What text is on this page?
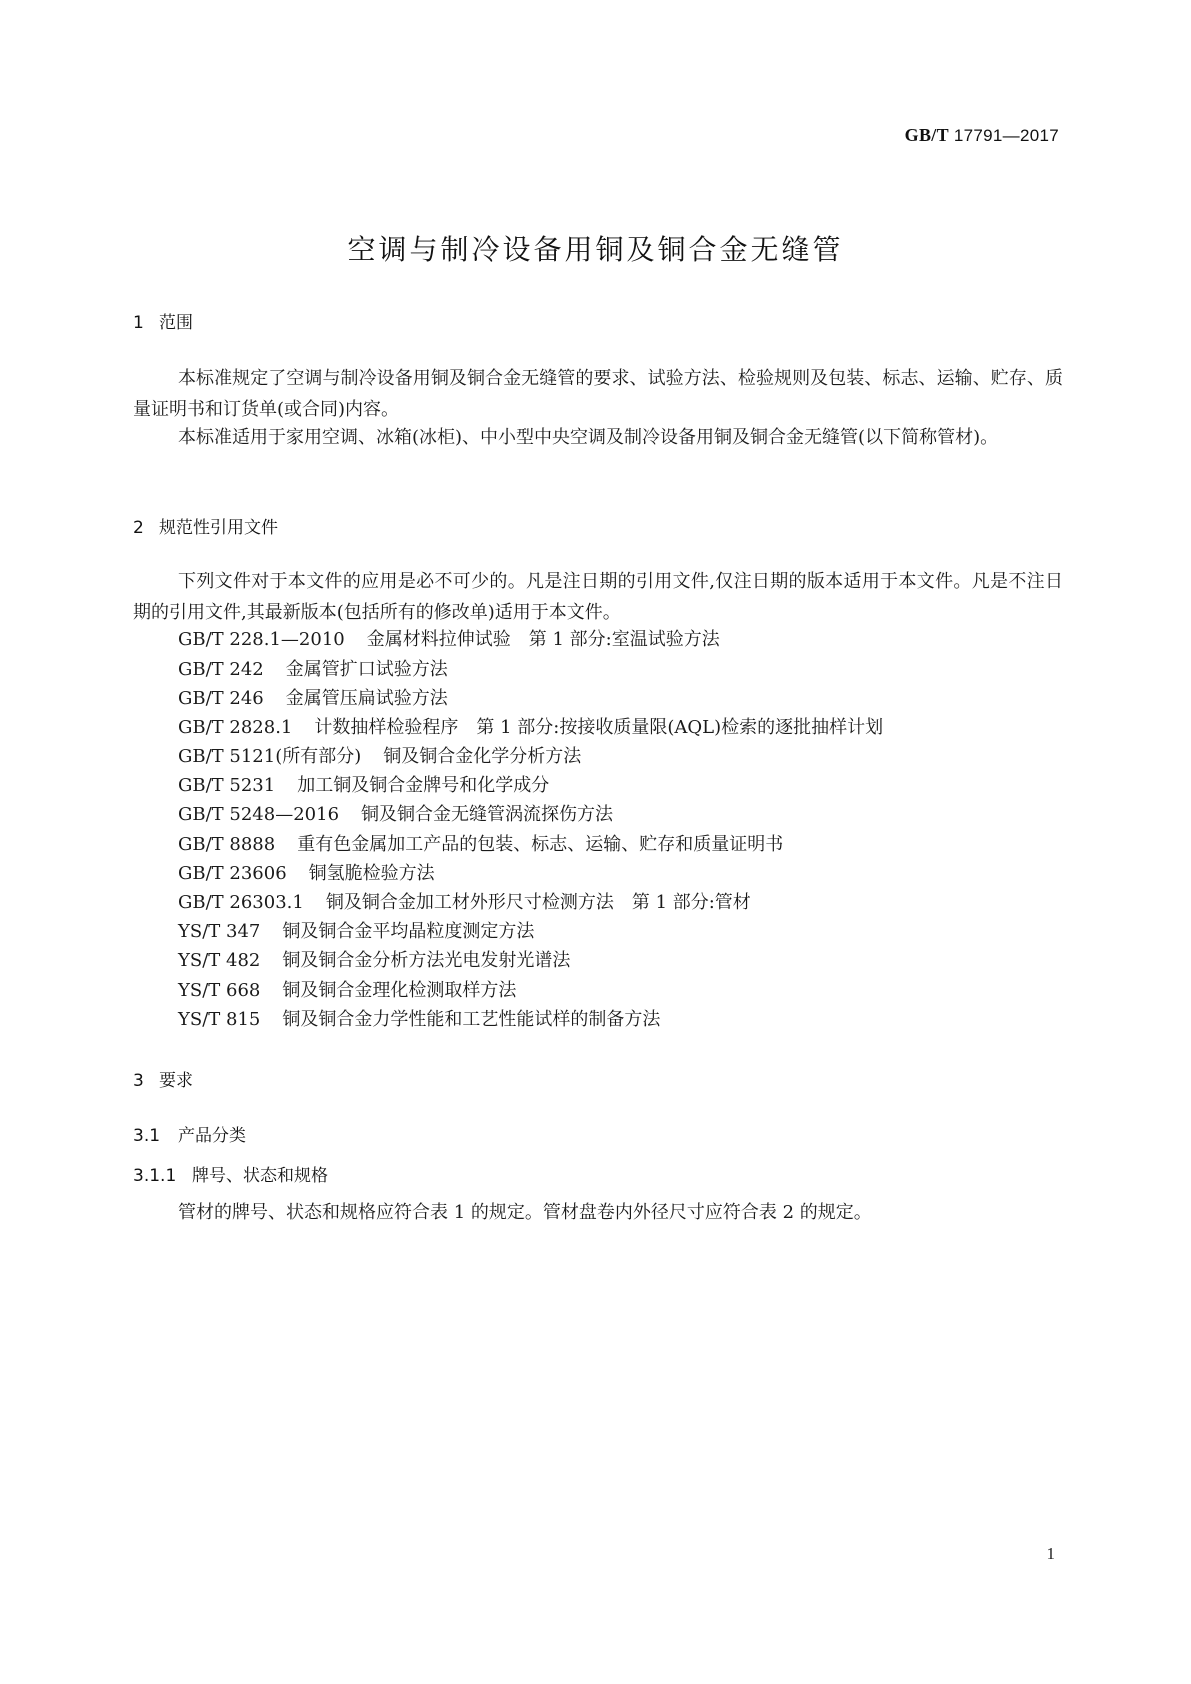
GB/T 17791—2017
空调与制冷设备用铜及铜合金无缝管
1 范围
本标准规定了空调与制冷设备用铜及铜合金无缝管的要求、试验方法、检验规则及包装、标志、运输、贮存、质量证明书和订货单(或合同)内容。
本标准适用于家用空调、冰箱(冰柜)、中小型中央空调及制冷设备用铜及铜合金无缝管(以下简称管材)。
2 规范性引用文件
下列文件对于本文件的应用是必不可少的。凡是注日期的引用文件,仅注日期的版本适用于本文件。凡是不注日期的引用文件,其最新版本(包括所有的修改单)适用于本文件。
GB/T 228.1—2010 金属材料拉伸试验　第 1 部分:室温试验方法
GB/T 242 金属管扩口试验方法
GB/T 246 金属管压扁试验方法
GB/T 2828.1 计数抽样检验程序　第 1 部分:按接收质量限(AQL)检索的逐批抽样计划
GB/T 5121(所有部分) 铜及铜合金化学分析方法
GB/T 5231 加工铜及铜合金牌号和化学成分
GB/T 5248—2016 铜及铜合金无缝管涡流探伤方法
GB/T 8888 重有色金属加工产品的包装、标志、运输、贮存和质量证明书
GB/T 23606 铜氢脆检验方法
GB/T 26303.1 铜及铜合金加工材外形尺寸检测方法　第 1 部分:管材
YS/T 347 铜及铜合金平均晶粒度测定方法
YS/T 482 铜及铜合金分析方法光电发射光谱法
YS/T 668 铜及铜合金理化检测取样方法
YS/T 815 铜及铜合金力学性能和工艺性能试样的制备方法
3 要求
3.1 产品分类
3.1.1 牌号、状态和规格
管材的牌号、状态和规格应符合表 1 的规定。管材盘卷内外径尺寸应符合表 2 的规定。
1
